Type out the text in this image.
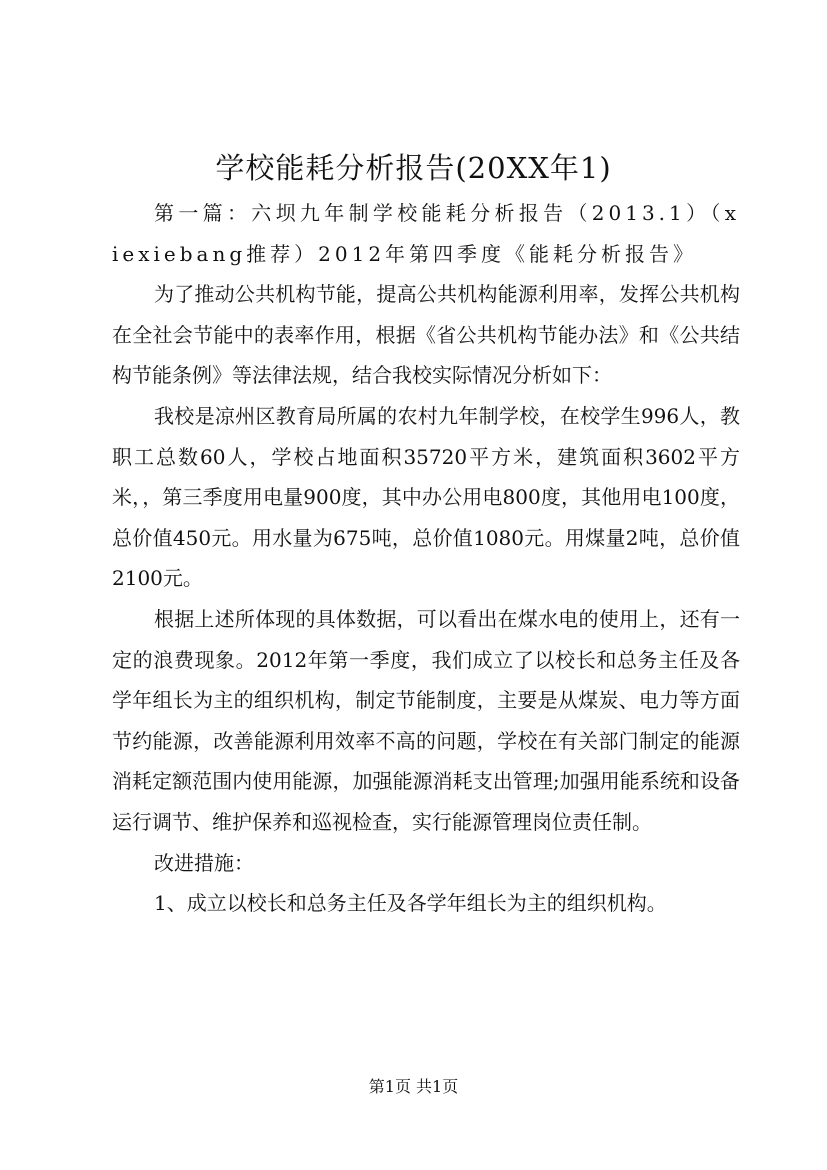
学校能耗分析报告(20XX年1)

第一篇：六坝九年制学校能耗分析报告（2013.1）（xiexiebang推荐）2012年第四季度《能耗分析报告》

为了推动公共机构节能，提高公共机构能源利用率，发挥公共机构在全社会节能中的表率作用，根据《省公共机构节能办法》和《公共结构节能条例》等法律法规，结合我校实际情况分析如下：

我校是凉州区教育局所属的农村九年制学校，在校学生996人，教职工总数60人，学校占地面积35720平方米，建筑面积3602平方米，，第三季度用电量900度，其中办公用电800度，其他用电100度，总价值450元。用水量为675吨，总价值1080元。用煤量2吨，总价值2100元。

根据上述所体现的具体数据，可以看出在煤水电的使用上，还有一定的浪费现象。2012年第一季度，我们成立了以校长和总务主任及各学年组长为主的组织机构，制定节能制度，主要是从煤炭、电力等方面节约能源，改善能源利用效率不高的问题，学校在有关部门制定的能源消耗定额范围内使用能源，加强能源消耗支出管理;加强用能系统和设备运行调节、维护保养和巡视检查，实行能源管理岗位责任制。

改进措施：

1、成立以校长和总务主任及各学年组长为主的组织机构。

第1页 共1页
